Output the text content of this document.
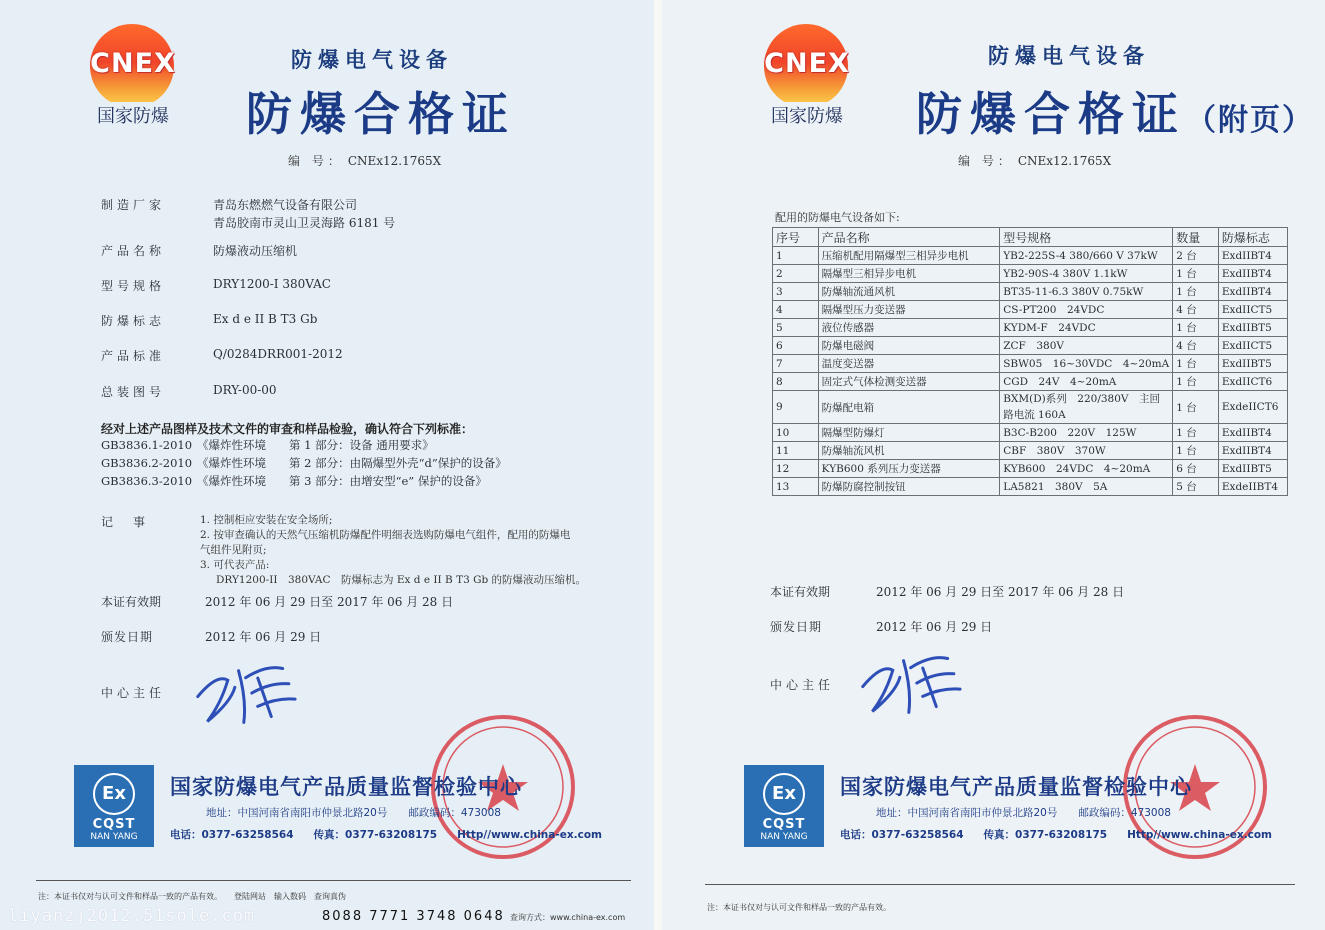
CNEX
国家防爆
防爆电气设备
防爆合格证
编 号： CNEx12.1765X
制造厂家	青岛东燃燃气设备有限公司
青岛胶南市灵山卫灵海路 6181 号
产品名称	防爆液动压缩机
型号规格	DRY1200-I 380VAC
防爆标志	Ex d e II B T3 Gb
产品标准	Q/0284DRR001-2012
总装图号	DRY-00-00
经对上述产品图样及技术文件的审查和样品检验，确认符合下列标准：
GB3836.1-2010 《爆炸性环境 第 1 部分：设备 通用要求》
GB3836.2-2010 《爆炸性环境 第 2 部分：由隔爆型外壳“d”保护的设备》
GB3836.3-2010 《爆炸性环境 第 3 部分：由增安型“e” 保护的设备》
记　事	1. 控制柜应安装在安全场所;
2. 按审查确认的天然气压缩机防爆配件明细表选购防爆电气组件，配用的防爆电
气组件见附页;
3. 可代表产品:
DRY1200-II　380VAC　防爆标志为 Ex d e II B T3 Gb 的防爆液动压缩机。
本证有效期	2012 年 06 月 29 日至 2017 年 06 月 28 日
颁发日期	2012 年 06 月 29 日
中心主任
Ex
CQST
NAN YANG
国家防爆电气产品质量监督检验中心
地址：中国河南省南阳市仲景北路20号　　邮政编码：473008
电话：0377-63258564 传真：0377-63208175 Http//www.china-ex.com
注：本证书仅对与认可文件和样品一致的产品有效。　　登陆网站　输入数码　查询真伪
8088 7771 3748 0648 查询方式：www.china-ex.com
liyanzj2012.51sole.com
CNEX
国家防爆
防爆电气设备
防爆合格证（附页）
编 号： CNEx12.1765X
配用的防爆电气设备如下:
序号	产品名称	型号规格	数量	防爆标志
1	压缩机配用隔爆型三相异步电机	YB2-225S-4 380/660 V 37kW	2 台	ExdIIBT4
2	隔爆型三相异步电机	YB2-90S-4 380V 1.1kW	1 台	ExdIIBT4
3	防爆轴流通风机	BT35-11-6.3 380V 0.75kW	1 台	ExdIIBT4
4	隔爆型压力变送器	CS-PT200　24VDC	4 台	ExdIICT5
5	液位传感器	KYDM-F　24VDC	1 台	ExdIIBT5
6	防爆电磁阀	ZCF　380V	4 台	ExdIICT5
7	温度变送器	SBW05　16~30VDC　4~20mA	1 台	ExdIIBT5
8	固定式气体检测变送器	CGD　24V　4~20mA	1 台	ExdIICT6
9	防爆配电箱	BXM(D)系列　220/380V　主回路电流 160A	1 台	ExdeIICT6
10	隔爆型防爆灯	B3C-B200　220V　125W	1 台	ExdIIBT4
11	防爆轴流风机	CBF　380V　370W	1 台	ExdIIBT4
12	KYB600 系列压力变送器	KYB600　24VDC　4~20mA	6 台	ExdIIBT5
13	防爆防腐控制按钮	LA5821　380V　5A	5 台	ExdeIIBT4
本证有效期	2012 年 06 月 29 日至 2017 年 06 月 28 日
颁发日期	2012 年 06 月 29 日
中心主任
Ex
CQST
NAN YANG
国家防爆电气产品质量监督检验中心
地址：中国河南省南阳市仲景北路20号　　邮政编码：473008
电话：0377-63258564 传真：0377-63208175 Http//www.china-ex.com
注：本证书仅对与认可文件和样品一致的产品有效。
